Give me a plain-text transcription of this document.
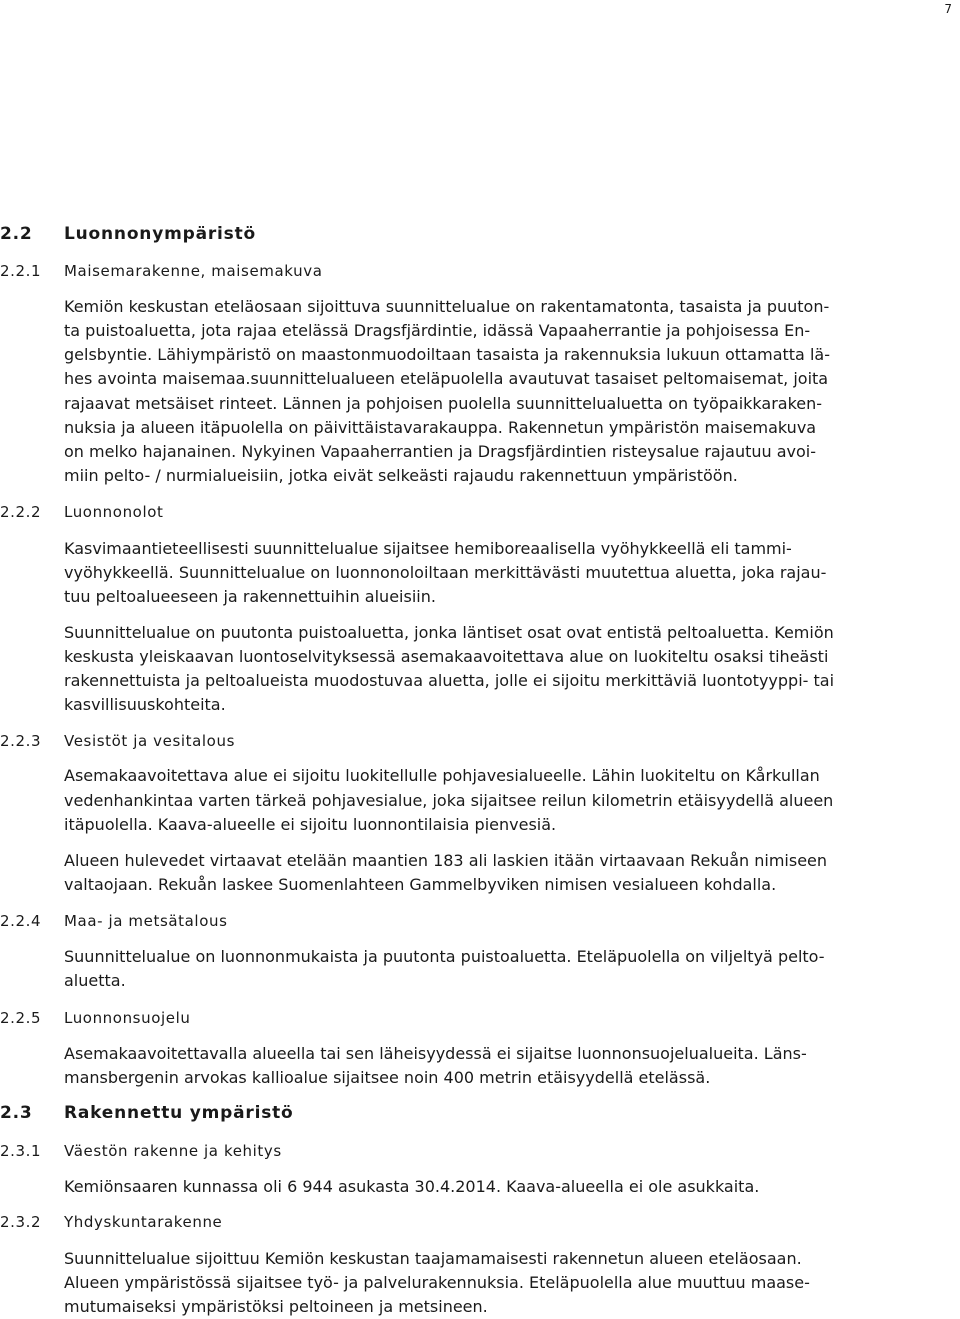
7
2.2 Luonnonympäristö
2.2.1 Maisemarakenne, maisemakuva
Kemiön keskustan eteläosaan sijoittuva suunnittelualue on rakentamatonta, tasaista ja puuton-
ta puistoaluetta, jota rajaa etelässä Dragsfjärdintie, idässä Vapaaherrantie ja pohjoisessa En-
gelsbyntie. Lähiympäristö on maastonmuodoiltaan tasaista ja rakennuksia lukuun ottamatta lä-
hes avointa maisemaa.suunnittelualueen eteläpuolella avautuvat tasaiset peltomaisemat, joita
rajaavat metsäiset rinteet. Lännen ja pohjoisen puolella suunnittelualuetta on työpaikkaraken-
nuksia ja alueen itäpuolella on päivittäistavarakauppa. Rakennetun ympäristön maisemakuva
on melko hajanainen. Nykyinen Vapaaherrantien ja Dragsfjärdintien risteysalue rajautuu avoi-
miin pelto- / nurmialueisiin, jotka eivät selkeästi rajaudu rakennettuun ympäristöön.
2.2.2 Luonnonolot
Kasvimaantieteellisesti suunnittelualue sijaitsee hemiboreaalisella vyöhykkeellä eli tammi-
vyöhykkeellä. Suunnittelualue on luonnonoloiltaan merkittävästi muutettua aluetta, joka rajau-
tuu peltoalueeseen ja rakennettuihin alueisiin.
Suunnittelualue on puutonta puistoaluetta, jonka läntiset osat ovat entistä peltoaluetta. Kemiön
keskusta yleiskaavan luontoselvityksessä asemakaavoitettava alue on luokiteltu osaksi tiheästi
rakennettuista ja peltoalueista muodostuvaa aluetta, jolle ei sijoitu merkittäviä luontotyyppi- tai
kasvillisuuskohteita.
2.2.3 Vesistöt ja vesitalous
Asemakaavoitettava alue ei sijoitu luokitellulle pohjavesialueelle. Lähin luokiteltu on Kårkullan
vedenhankintaa varten tärkeä pohjavesialue, joka sijaitsee reilun kilometrin etäisyydellä alueen
itäpuolella. Kaava-alueelle ei sijoitu luonnontilaisia pienvesiä.
Alueen hulevedet virtaavat etelään maantien 183 ali laskien itään virtaavaan Rekuån nimiseen
valtaojaan. Rekuån laskee Suomenlahteen Gammelbyviken nimisen vesialueen kohdalla.
2.2.4 Maa- ja metsätalous
Suunnittelualue on luonnonmukaista ja puutonta puistoaluetta. Eteläpuolella on viljeltyä pelto-
aluetta.
2.2.5 Luonnonsuojelu
Asemakaavoitettavalla alueella tai sen läheisyydessä ei sijaitse luonnonsuojelualueita. Läns-
mansbergenin arvokas kallioalue sijaitsee noin 400 metrin etäisyydellä etelässä.
2.3 Rakennettu ympäristö
2.3.1 Väestön rakenne ja kehitys
Kemiönsaaren kunnassa oli 6 944 asukasta 30.4.2014. Kaava-alueella ei ole asukkaita.
2.3.2 Yhdyskuntarakenne
Suunnittelualue sijoittuu Kemiön keskustan taajamamaisesti rakennetun alueen eteläosaan.
Alueen ympäristössä sijaitsee työ- ja palvelurakennuksia. Eteläpuolella alue muuttuu maase-
mutumaiseksi ympäristöksi peltoineen ja metsineen.
